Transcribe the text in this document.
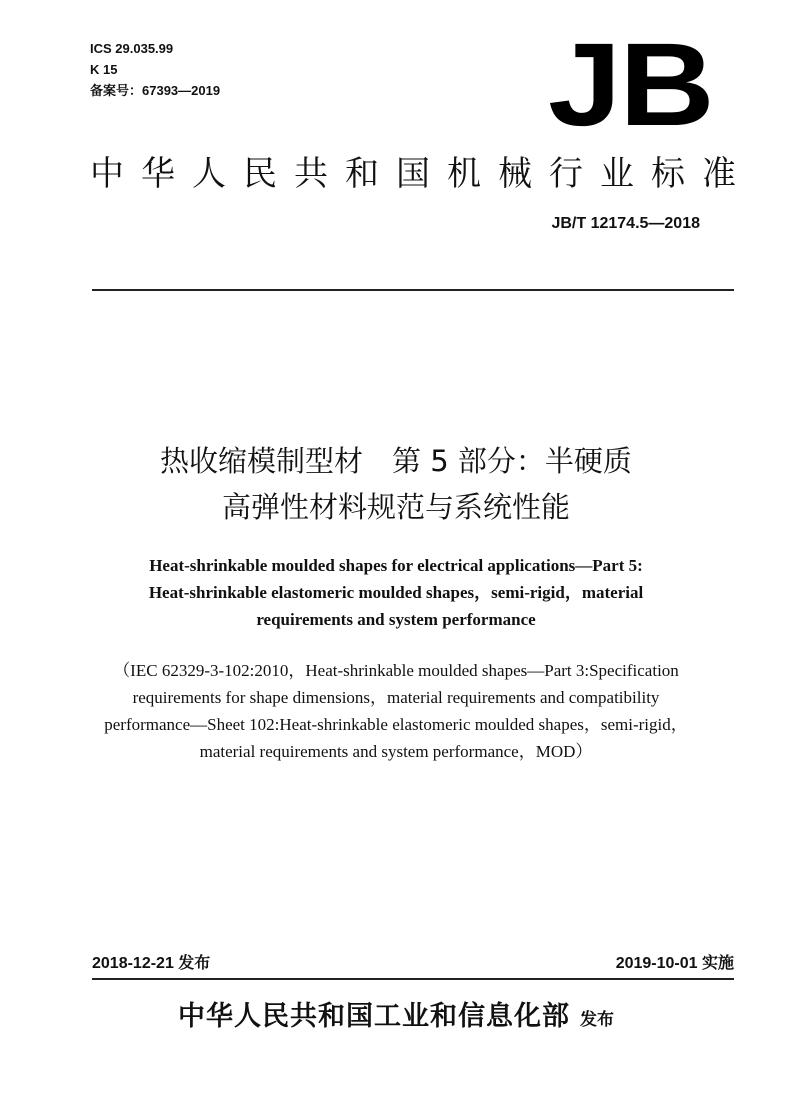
ICS 29.035.99
K 15
备案号：67393—2019	JB
中华人民共和国机械行业标准
JB/T 12174.5—2018
热收缩模制型材　第 5 部分：半硬质
高弹性材料规范与系统性能
Heat-shrinkable moulded shapes for electrical applications—Part 5:
Heat-shrinkable elastomeric moulded shapes，semi-rigid，material
requirements and system performance
（IEC 62329-3-102:2010，Heat-shrinkable moulded shapes—Part 3:Specification
requirements for shape dimensions，material requirements and compatibility
performance—Sheet 102:Heat-shrinkable elastomeric moulded shapes，semi-rigid，
material requirements and system performance，MOD）
2018-12-21 发布	2019-10-01 实施
中华人民共和国工业和信息化部 发布
